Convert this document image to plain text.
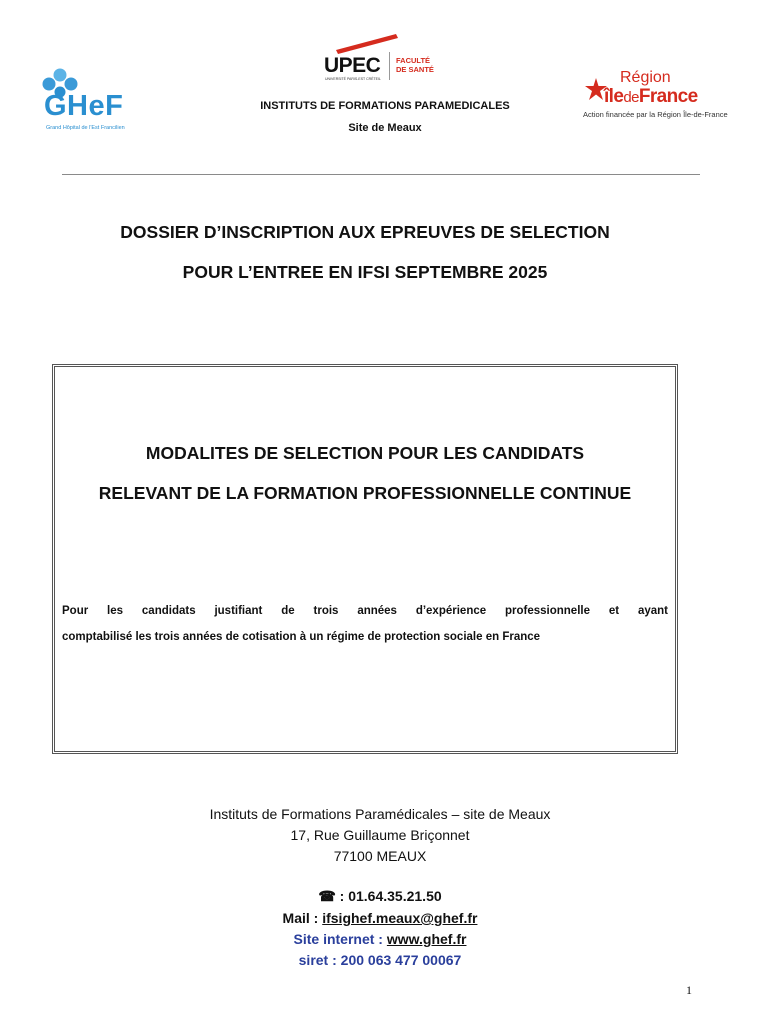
GHeF
Grand Hôpital de l'Est Francilien
UPEC
UNIVERSITÉ PARIS-EST CRÉTEIL
FACULTÉ
DE SANTÉ
INSTITUTS DE FORMATIONS PARAMEDICALES
Site de Meaux
Région
îledeFrance
Action financée par la Région Île-de-France
DOSSIER D’INSCRIPTION AUX EPREUVES DE SELECTION
POUR L’ENTREE EN IFSI SEPTEMBRE 2025
MODALITES DE SELECTION POUR LES CANDIDATS
RELEVANT DE LA FORMATION PROFESSIONNELLE CONTINUE
Pour les candidats justifiant de trois années d’expérience professionnelle et ayant
comptabilisé les trois années de cotisation à un régime de protection sociale en France
Instituts de Formations Paramédicales – site de Meaux
17, Rue Guillaume Briçonnet
77100 MEAUX
☎ : 01.64.35.21.50
Mail : ifsighef.meaux@ghef.fr
Site internet : www.ghef.fr
siret : 200 063 477 00067
1
